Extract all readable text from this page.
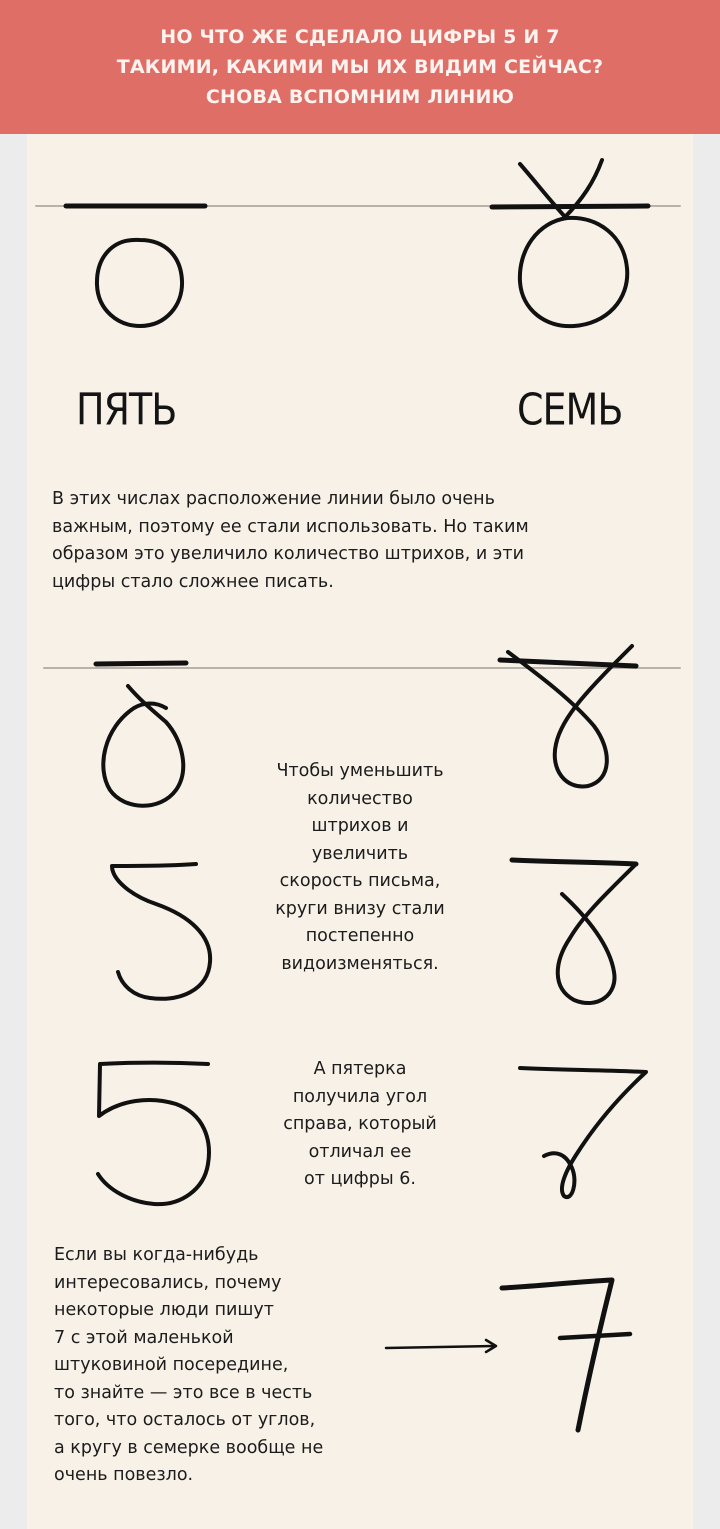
НО ЧТО ЖЕ СДЕЛАЛО ЦИФРЫ 5 И 7
ТАКИМИ, КАКИМИ МЫ ИХ ВИДИМ СЕЙЧАС?
СНОВА ВСПОМНИМ ЛИНИЮ
ПЯТЬ	СЕМЬ
В этих числах расположение линии было очень
важным, поэтому ее стали использовать. Но таким
образом это увеличило количество штрихов, и эти
цифры стало сложнее писать.
Чтобы уменьшить
количество
штрихов и
увеличить
скорость письма,
круги внизу стали
постепенно
видоизменяться.
А пятерка
получила угол
справа, который
отличал ее
от цифры 6.
Если вы когда-нибудь
интересовались, почему
некоторые люди пишут
7 с этой маленькой
штуковиной посередине,
то знайте — это все в честь
того, что осталось от углов,
а кругу в семерке вообще не
очень повезло.
